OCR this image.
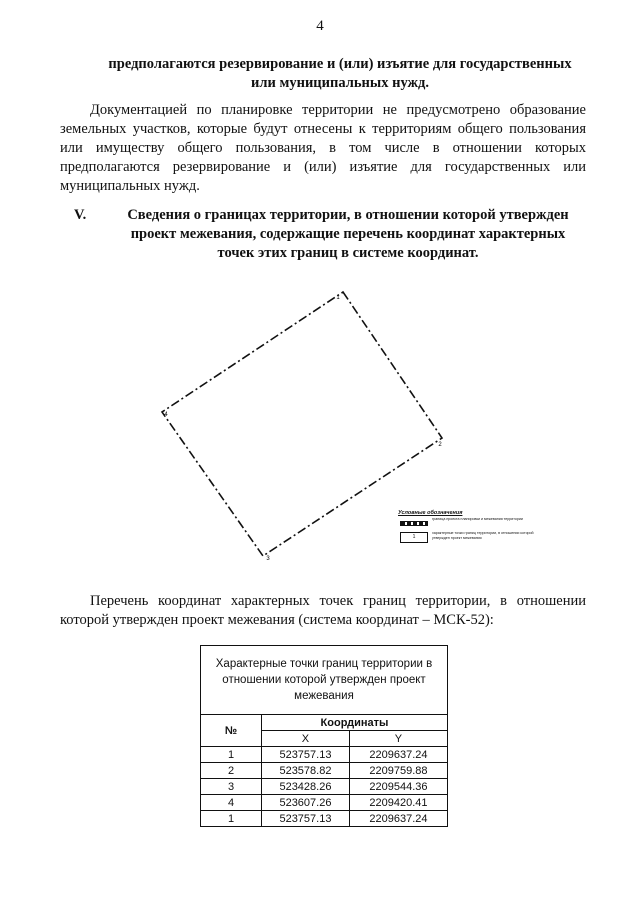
4
предполагаются резервирование и (или) изъятие для государственных или муниципальных нужд.
Документацией по планировке территории не предусмотрено образование земельных участков, которые будут отнесены к территориям общего пользования или имуществу общего пользования, в том числе в отношении которых предполагаются резервирование и (или) изъятие для государственных или муниципальных нужд.
V.	Сведения о границах территории, в отношении которой утвержден проект межевания, содержащие перечень координат характерных точек этих границ в системе координат.
1
2
3
4
Условные обозначения
граница проекта планировки и межевания территории
1
характерные точки границ территории, в отношении которой утвержден проект межевания
Перечень координат характерных точек границ территории, в отношении которой утвержден проект межевания (система координат – МСК-52):
Характерные точки границ территории в отношении которой утвержден проект межевания		
№	Координаты	
	X	Y
1	523757.13	2209637.24
2	523578.82	2209759.88
3	523428.26	2209544.36
4	523607.26	2209420.41
1	523757.13	2209637.24
